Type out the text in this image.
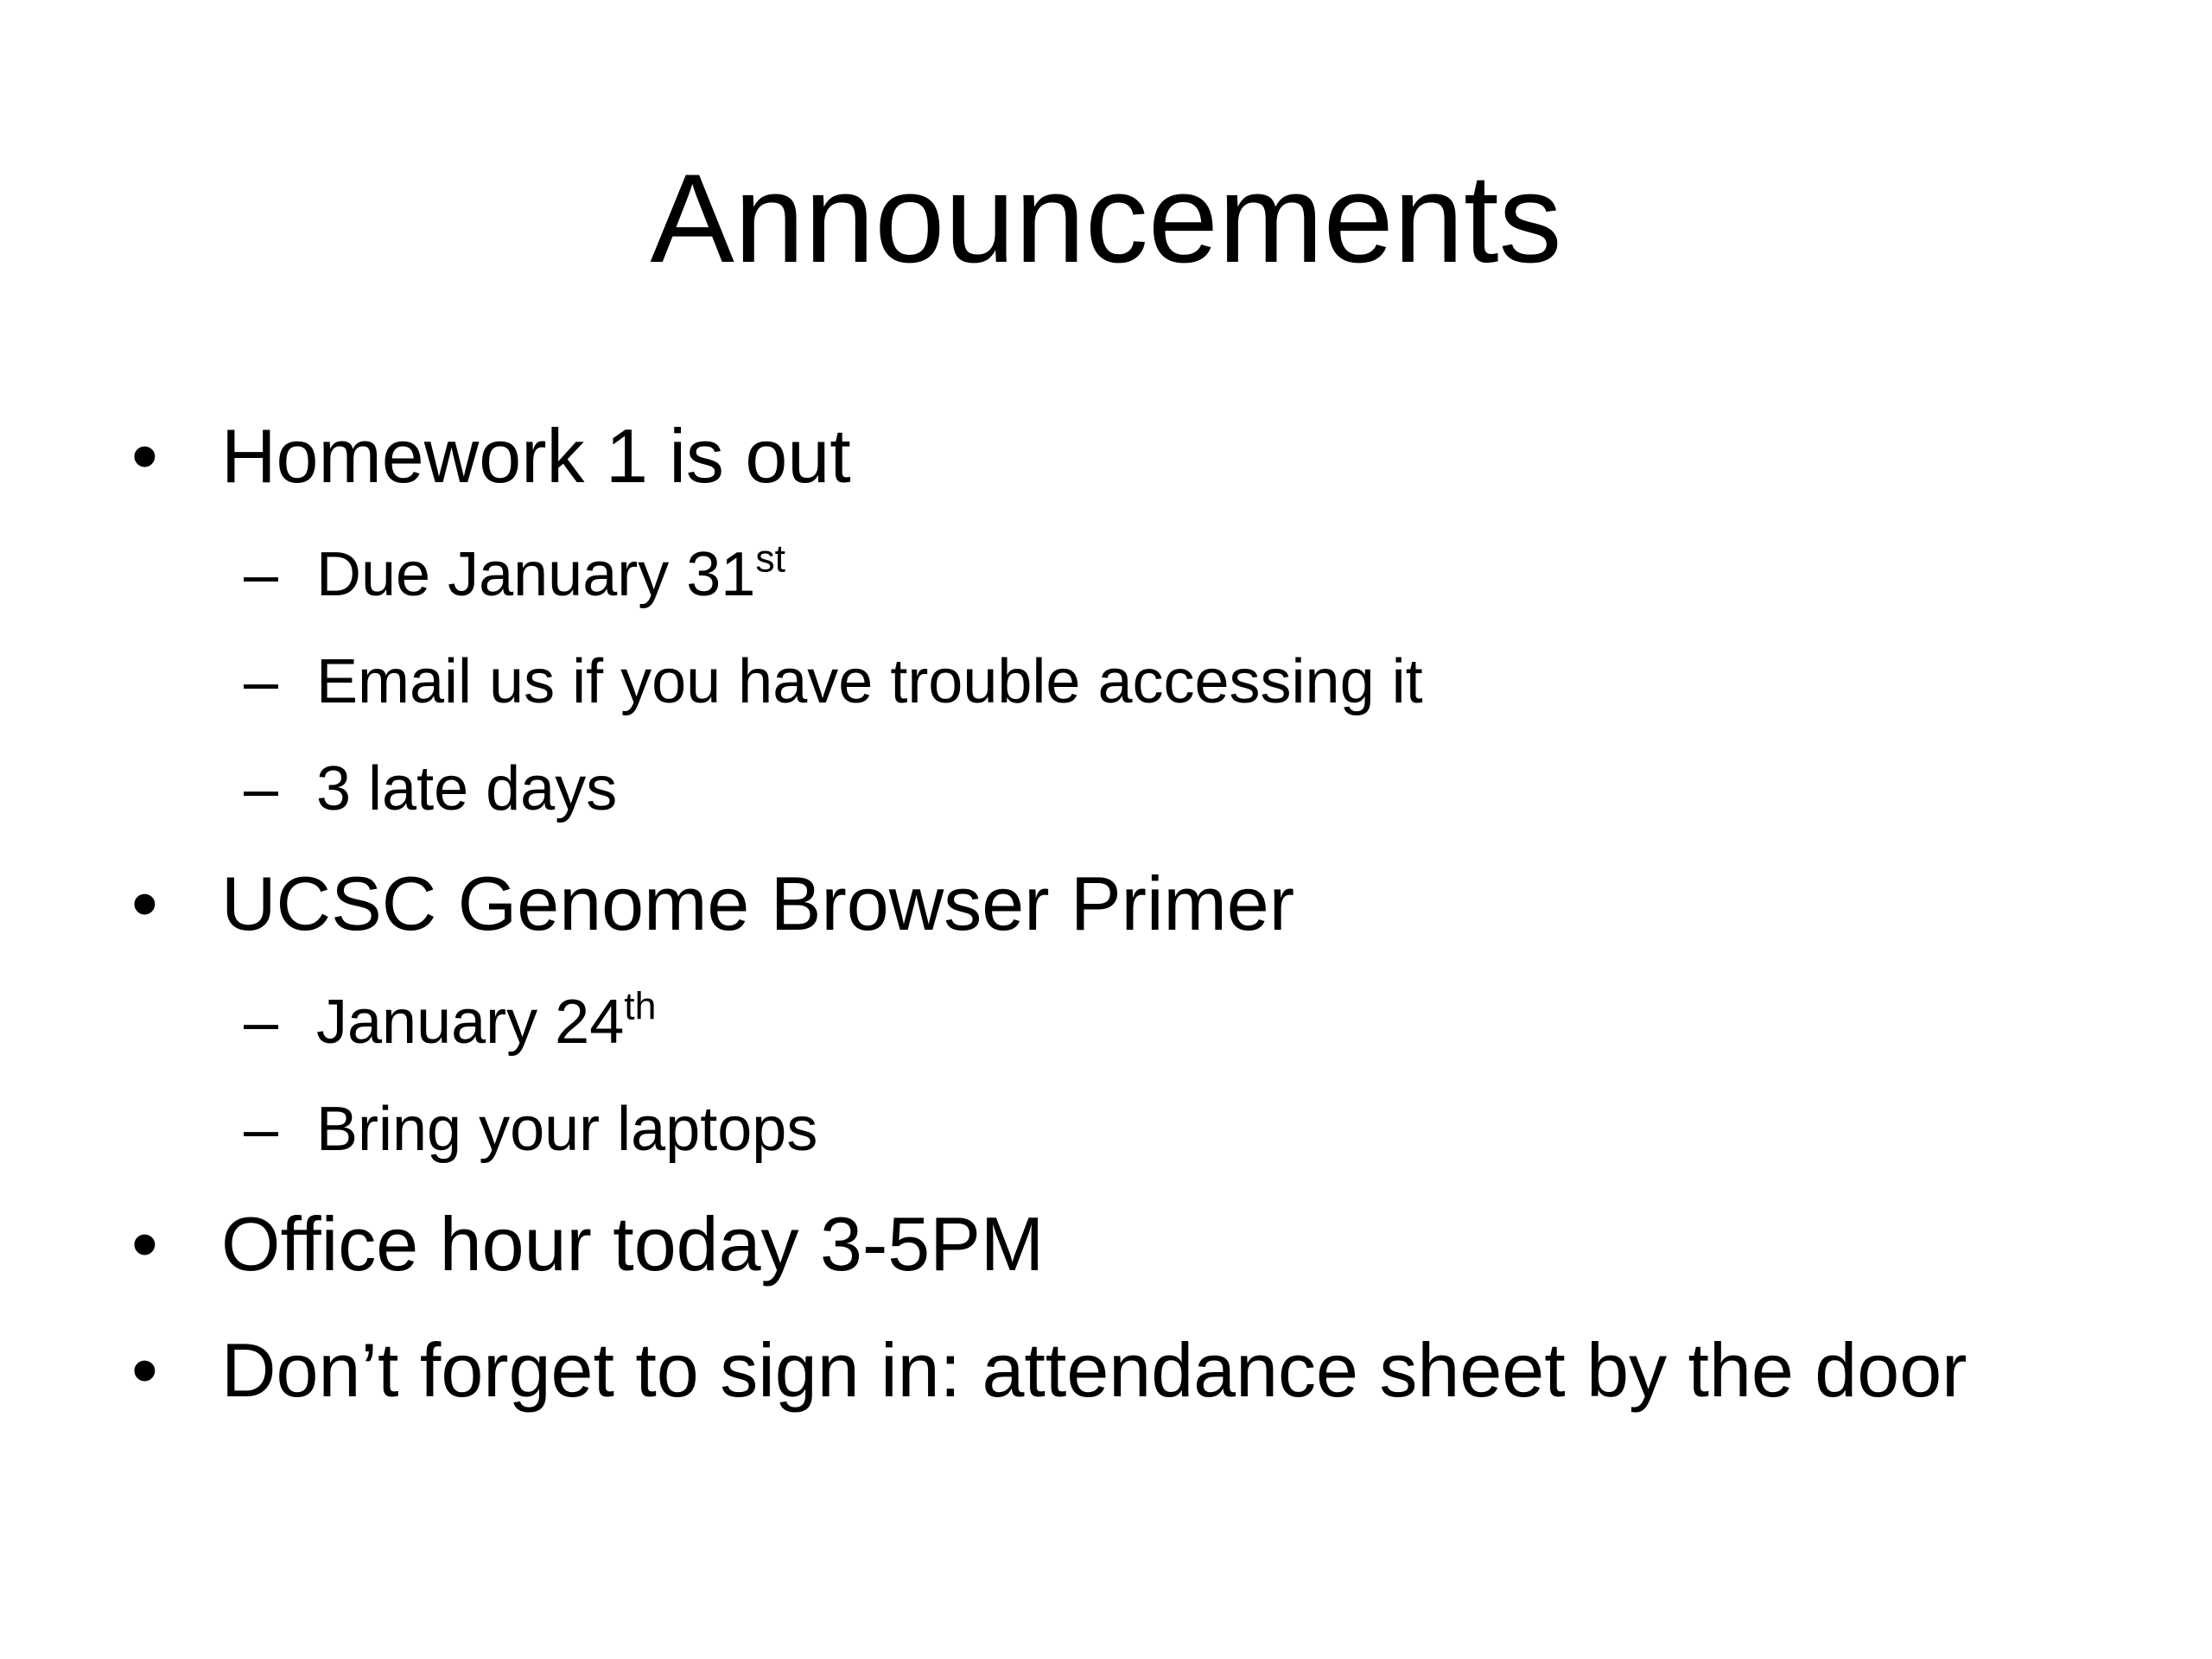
Announcements
• Homework 1 is out
– Due January 31st
– Email us if you have trouble accessing it
– 3 late days
• UCSC Genome Browser Primer
– January 24th
– Bring your laptops
• Office hour today 3-5PM
• Don’t forget to sign in: attendance sheet by the door
